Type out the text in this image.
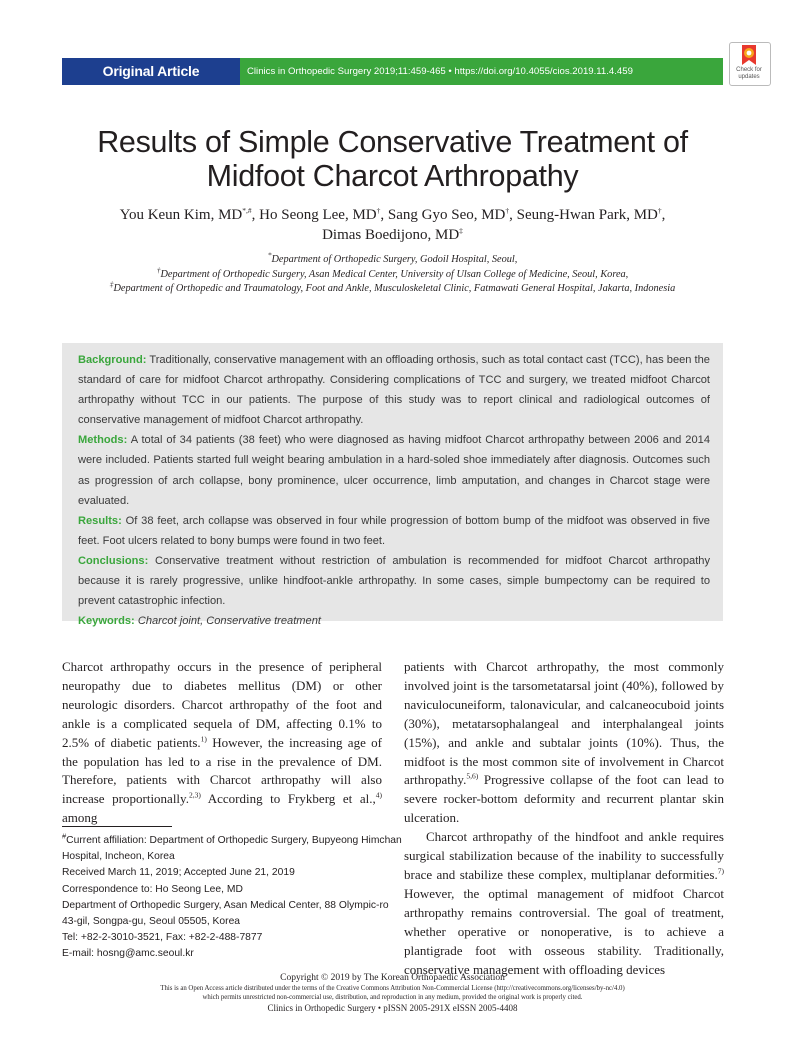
Original Article	Clinics in Orthopedic Surgery 2019;11:459-465 • https://doi.org/10.4055/cios.2019.11.4.459	Check for
updates
Results of Simple Conservative Treatment of
Midfoot Charcot Arthropathy
You Keun Kim, MD*,#, Ho Seong Lee, MD†, Sang Gyo Seo, MD†, Seung-Hwan Park, MD†,
Dimas Boedijono, MD‡
*Department of Orthopedic Surgery, Godoil Hospital, Seoul,
†Department of Orthopedic Surgery, Asan Medical Center, University of Ulsan College of Medicine, Seoul, Korea,
‡Department of Orthopedic and Traumatology, Foot and Ankle, Musculoskeletal Clinic, Fatmawati General Hospital, Jakarta, Indonesia
Background: Traditionally, conservative management with an offloading orthosis, such as total contact cast (TCC), has been the standard of care for midfoot Charcot arthropathy. Considering complications of TCC and surgery, we treated midfoot Charcot arthropathy without TCC in our patients. The purpose of this study was to report clinical and radiological outcomes of conservative management of midfoot Charcot arthropathy.
Methods: A total of 34 patients (38 feet) who were diagnosed as having midfoot Charcot arthropathy between 2006 and 2014 were included. Patients started full weight bearing ambulation in a hard-soled shoe immediately after diagnosis. Outcomes such as progression of arch collapse, bony prominence, ulcer occurrence, limb amputation, and changes in Charcot stage were evaluated.
Results: Of 38 feet, arch collapse was observed in four while progression of bottom bump of the midfoot was observed in five feet. Foot ulcers related to bony bumps were found in two feet.
Conclusions: Conservative treatment without restriction of ambulation is recommended for midfoot Charcot arthropathy because it is rarely progressive, unlike hindfoot-ankle arthropathy. In some cases, simple bumpectomy can be required to prevent catastrophic infection.
Keywords: Charcot joint, Conservative treatment

Charcot arthropathy occurs in the presence of peripheral neuropathy due to diabetes mellitus (DM) or other neurologic disorders. Charcot arthropathy of the foot and ankle is a complicated sequela of DM, affecting 0.1% to 2.5% of diabetic patients.$^{1)}$ However, the increasing age of the population has led to a rise in the prevalence of DM. Therefore, patients with Charcot arthropathy will also increase proportionally.$^{2,3)}$ According to Frykberg et al.,$^{4)}$ among

patients with Charcot arthropathy, the most commonly involved joint is the tarsometatarsal joint (40%), followed by naviculocuneiform, talonavicular, and calcaneocuboid joints (30%), metatarsophalangeal and interphalangeal joints (15%), and ankle and subtalar joints (10%). Thus, the midfoot is the most common site of involvement in Charcot arthropathy.$^{5,6)}$ Progressive collapse of the foot can lead to severe rocker-bottom deformity and recurrent plantar skin ulceration.

Charcot arthropathy of the hindfoot and ankle requires surgical stabilization because of the inability to successfully brace and stabilize these complex, multiplanar deformities.$^{7)}$ However, the optimal management of midfoot Charcot arthropathy remains controversial. The goal of treatment, whether operative or nonoperative, is to achieve a plantigrade foot with osseous stability. Traditionally, conservative management with offloading devices

#Current affiliation: Department of Orthopedic Surgery, Bupyeong Himchan
Hospital, Incheon, Korea
Received March 11, 2019; Accepted June 21, 2019
Correspondence to: Ho Seong Lee, MD
Department of Orthopedic Surgery, Asan Medical Center, 88 Olympic-ro
43-gil, Songpa-gu, Seoul 05505, Korea
Tel: +82-2-3010-3521, Fax: +82-2-488-7877
E-mail: hosng@amc.seoul.kr
Copyright © 2019 by The Korean Orthopaedic Association
This is an Open Access article distributed under the terms of the Creative Commons Attribution Non-Commercial License (http://creativecommons.org/licenses/by-nc/4.0)
which permits unrestricted non-commercial use, distribution, and reproduction in any medium, provided the original work is properly cited.
Clinics in Orthopedic Surgery • pISSN 2005-291X eISSN 2005-4408
